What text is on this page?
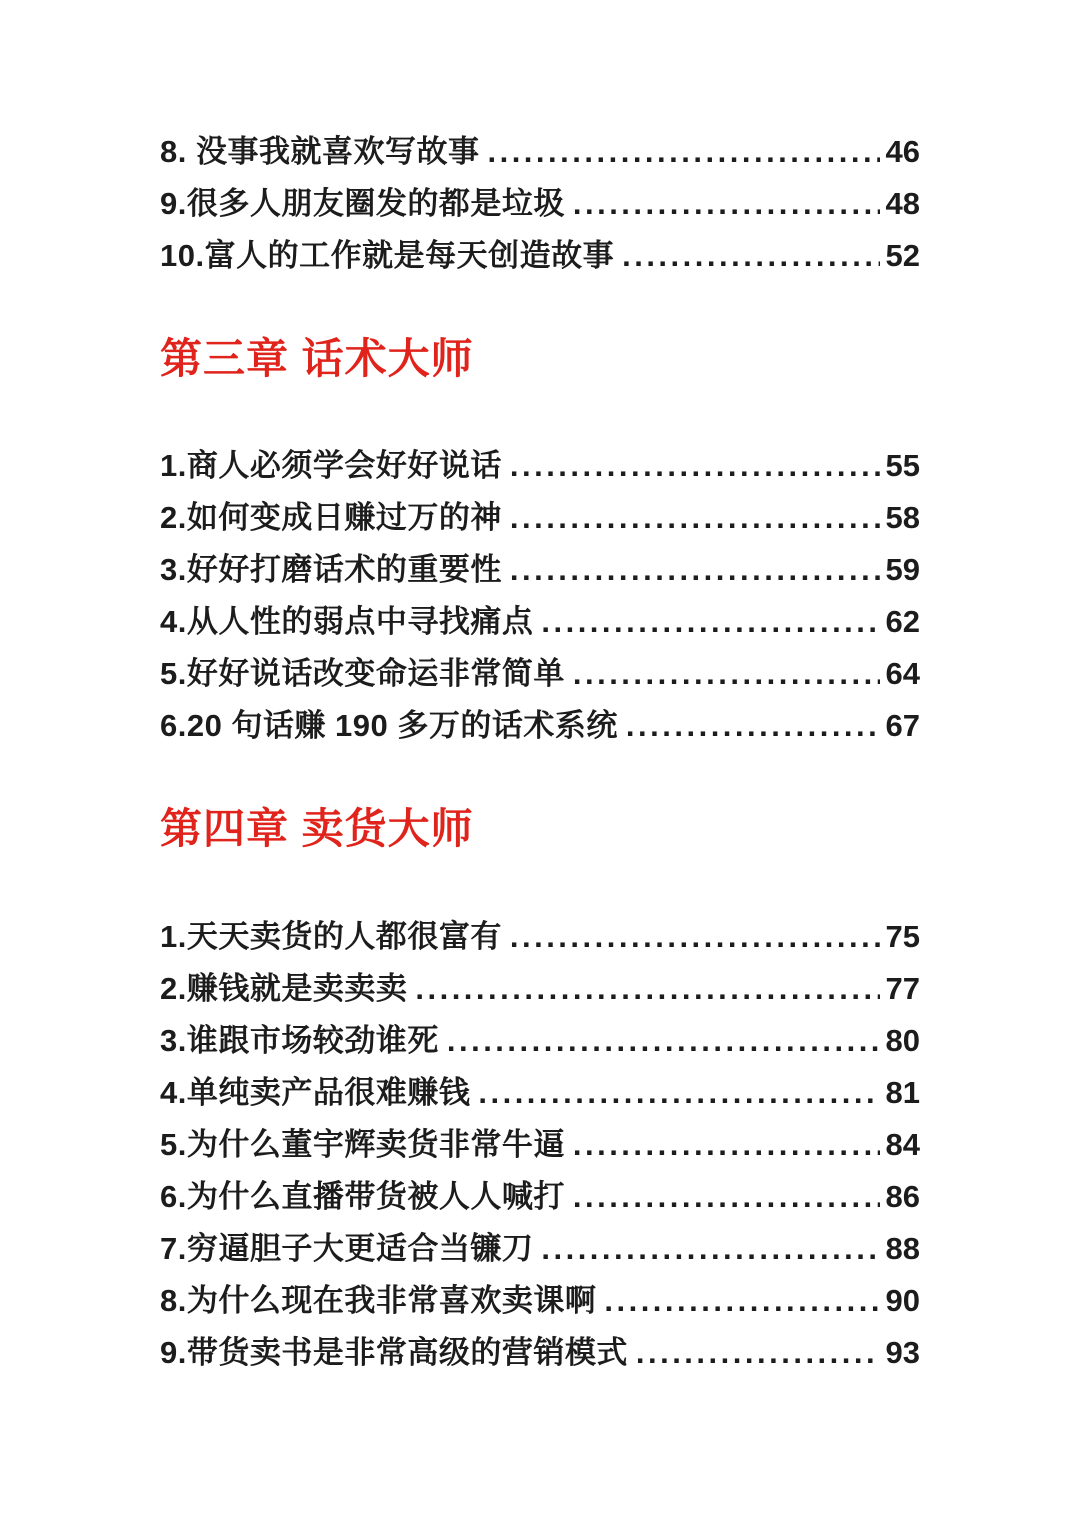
8. 没事我就喜欢写故事 .....	46
9.很多人朋友圈发的都是垃圾 .....	48
10.富人的工作就是每天创造故事 .....	52
第三章 话术大师
1.商人必须学会好好说话 .....	55
2.如何变成日赚过万的神 .....	58
3.好好打磨话术的重要性 .....	59
4.从人性的弱点中寻找痛点 .....	62
5.好好说话改变命运非常简单 .....	64
6.20 句话赚 190 多万的话术系统 .....	67
第四章 卖货大师
1.天天卖货的人都很富有 .....	75
2.赚钱就是卖卖卖 .....	77
3.谁跟市场较劲谁死 .....	80
4.单纯卖产品很难赚钱 .....	81
5.为什么董宇辉卖货非常牛逼 .....	84
6.为什么直播带货被人人喊打 .....	86
7.穷逼胆子大更适合当镰刀 .....	88
8.为什么现在我非常喜欢卖课啊 .....	90
9.带货卖书是非常高级的营销模式 .....	93
